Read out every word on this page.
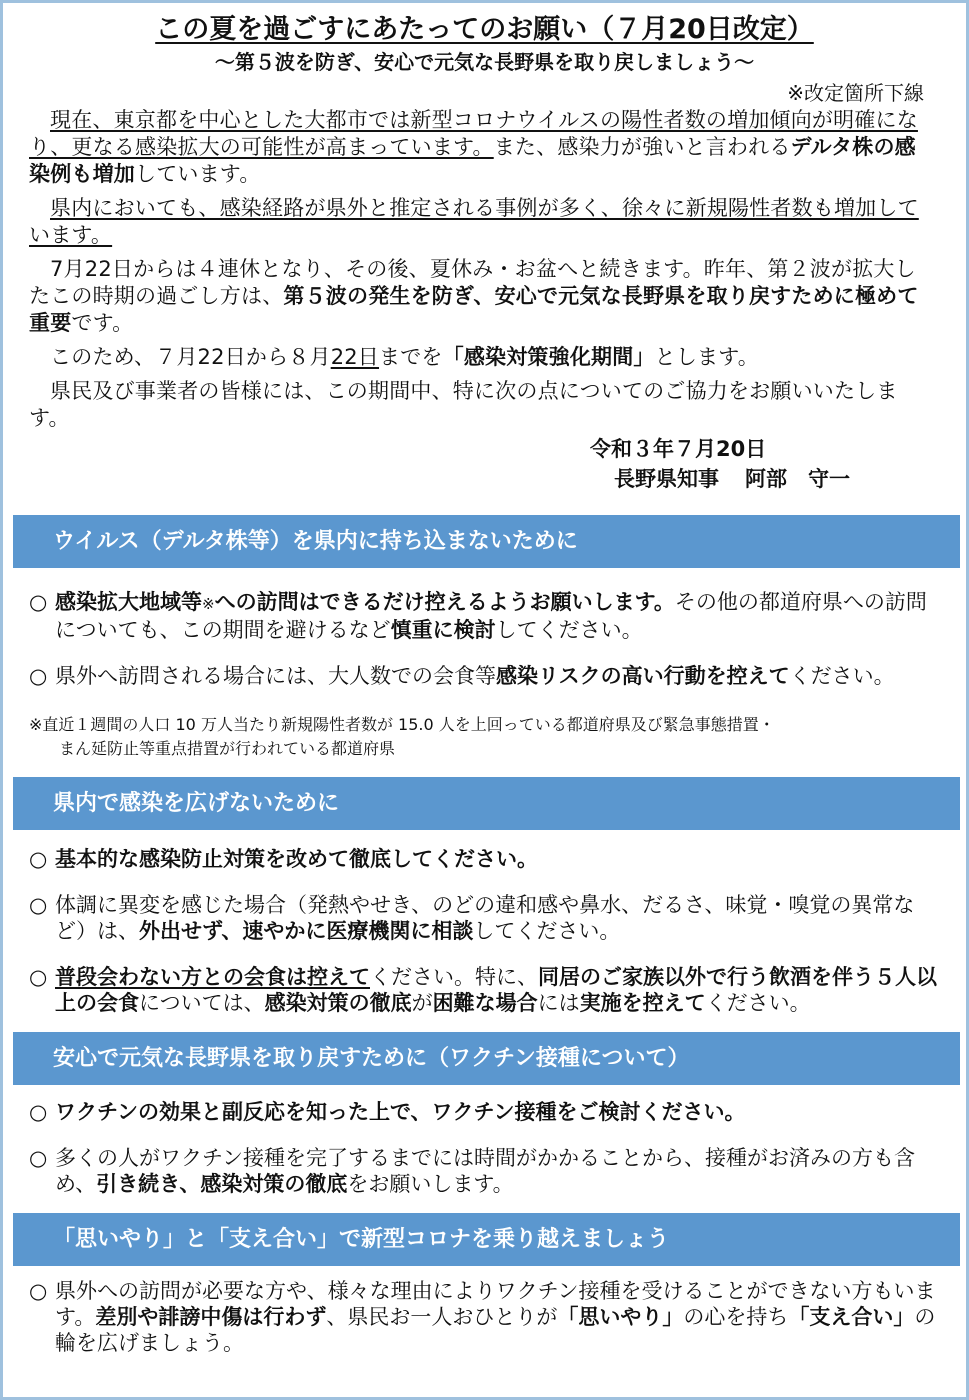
この夏を過ごすにあたってのお願い（７月20日改定）
～第５波を防ぎ、安心で元気な長野県を取り戻しましょう～
※改定箇所下線

現在、東京都を中心とした大都市では新型コロナウイルスの陽性者数の増加傾向が明確になり、更なる感染拡大の可能性が高まっています。また、感染力が強いと言われるデルタ株の感染例も増加しています。

県内においても、感染経路が県外と推定される事例が多く、徐々に新規陽性者数も増加しています。

7月22日からは４連休となり、その後、夏休み・お盆へと続きます。昨年、第２波が拡大したこの時期の過ごし方は、第５波の発生を防ぎ、安心で元気な長野県を取り戻すために極めて重要です。

このため、７月22日から８月22日までを「感染対策強化期間」とします。

県民及び事業者の皆様には、この期間中、特に次の点についてのご協力をお願いいたします。

令和３年７月20日
長野県知事 阿部　守一
ウイルス（デルタ株等）を県内に持ち込まないために
○ 感染拡大地域等※への訪問はできるだけ控えるようお願いします。その他の都道府県への訪問についても、この期間を避けるなど慎重に検討してください。
○ 県外へ訪問される場合には、大人数での会食等感染リスクの高い行動を控えてください。
※直近１週間の人口 10 万人当たり新規陽性者数が 15.0 人を上回っている都道府県及び緊急事態措置・
まん延防止等重点措置が行われている都道府県
県内で感染を広げないために
○ 基本的な感染防止対策を改めて徹底してください。
○ 体調に異変を感じた場合（発熱やせき、のどの違和感や鼻水、だるさ、味覚・嗅覚の異常など）は、外出せず、速やかに医療機関に相談してください。
○ 普段会わない方との会食は控えてください。特に、同居のご家族以外で行う飲酒を伴う５人以上の会食については、感染対策の徹底が困難な場合には実施を控えてください。
安心で元気な長野県を取り戻すために（ワクチン接種について）
○ ワクチンの効果と副反応を知った上で、ワクチン接種をご検討ください。
○ 多くの人がワクチン接種を完了するまでには時間がかかることから、接種がお済みの方も含め、引き続き、感染対策の徹底をお願いします。
「思いやり」と「支え合い」で新型コロナを乗り越えましょう
○ 県外への訪問が必要な方や、様々な理由によりワクチン接種を受けることができない方もいます。差別や誹謗中傷は行わず、県民お一人おひとりが「思いやり」の心を持ち「支え合い」の輪を広げましょう。
